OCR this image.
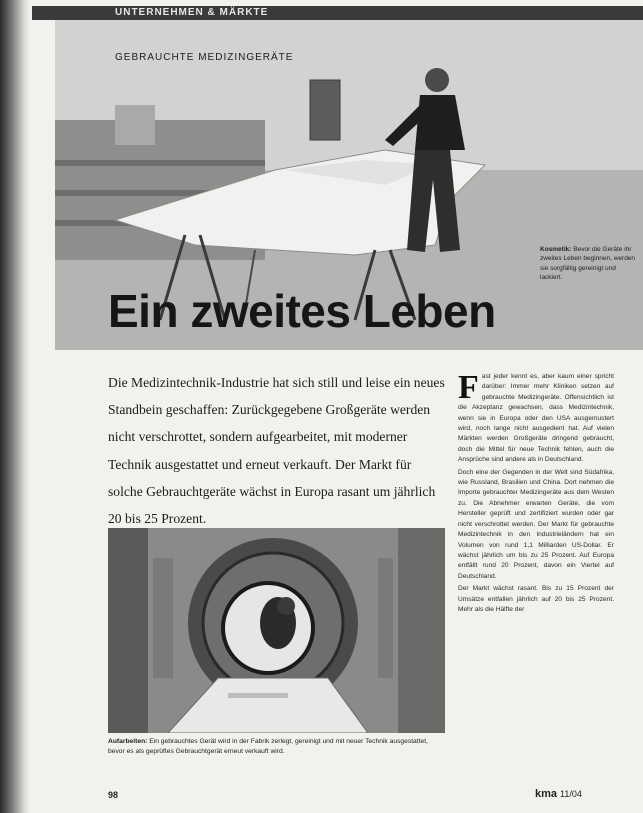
UNTERNEHMEN & MÄRKTE
GEBRAUCHTE MEDIZINGERÄTE
Ein zweites Leben
Kosmetik: Bevor die Geräte ihr zweites Leben beginnen, werden sie sorgfältig gereinigt und lackiert.
Die Medizintechnik-Industrie hat sich still und leise ein neues Standbein geschaffen: Zurückgegebene Großgeräte werden nicht verschrottet, sondern aufgearbeitet, mit moderner Technik ausgestattet und erneut verkauft. Der Markt für solche Gebrauchtgeräte wächst in Europa rasant um jährlich 20 bis 25 Prozent.
F ast jeder kennt es, aber kaum einer spricht darüber: Immer mehr Kliniken setzen auf gebrauchte Medizingeräte. Offensichtlich ist die Akzeptanz gewachsen, dass Medizintechnik, wenn sie in Europa oder den USA ausgemustert wird, noch lange nicht ausgedient hat. Auf vielen Märkten werden Großgeräte dringend gebraucht, doch die Mittel für neue Technik fehlen, auch die Ansprüche sind andere als in Deutschland.

Doch eine der Gegenden in der Welt sind Südafrika, wie Russland, Brasilien und China. Dort nehmen die Importe gebrauchter Medizingeräte aus dem Westen zu. Die Abnehmer erwarten Geräte, die vom Hersteller geprüft und zertifiziert wurden oder gar nicht verschrottet werden. Der Markt für gebrauchte Medizintechnik in den Industrieländern hat ein Volumen von rund 1,1 Milliarden US-Dollar. Er wächst jährlich um bis zu 25 Prozent. Auf Europa entfällt rund 20 Prozent, davon ein Viertel auf Deutschland.

Der Markt wächst rasant. Bis zu 15 Prozent der Umsätze entfallen jährlich auf 20 bis 25 Prozent. Mehr als die Hälfte der

Aufarbeiten: Ein gebrauchtes Gerät wird in der Fabrik zerlegt, gereinigt und mit neuer Technik ausgestattet, bevor es als geprüftes Gebrauchtgerät erneut verkauft wird.
98	kma 11/04
